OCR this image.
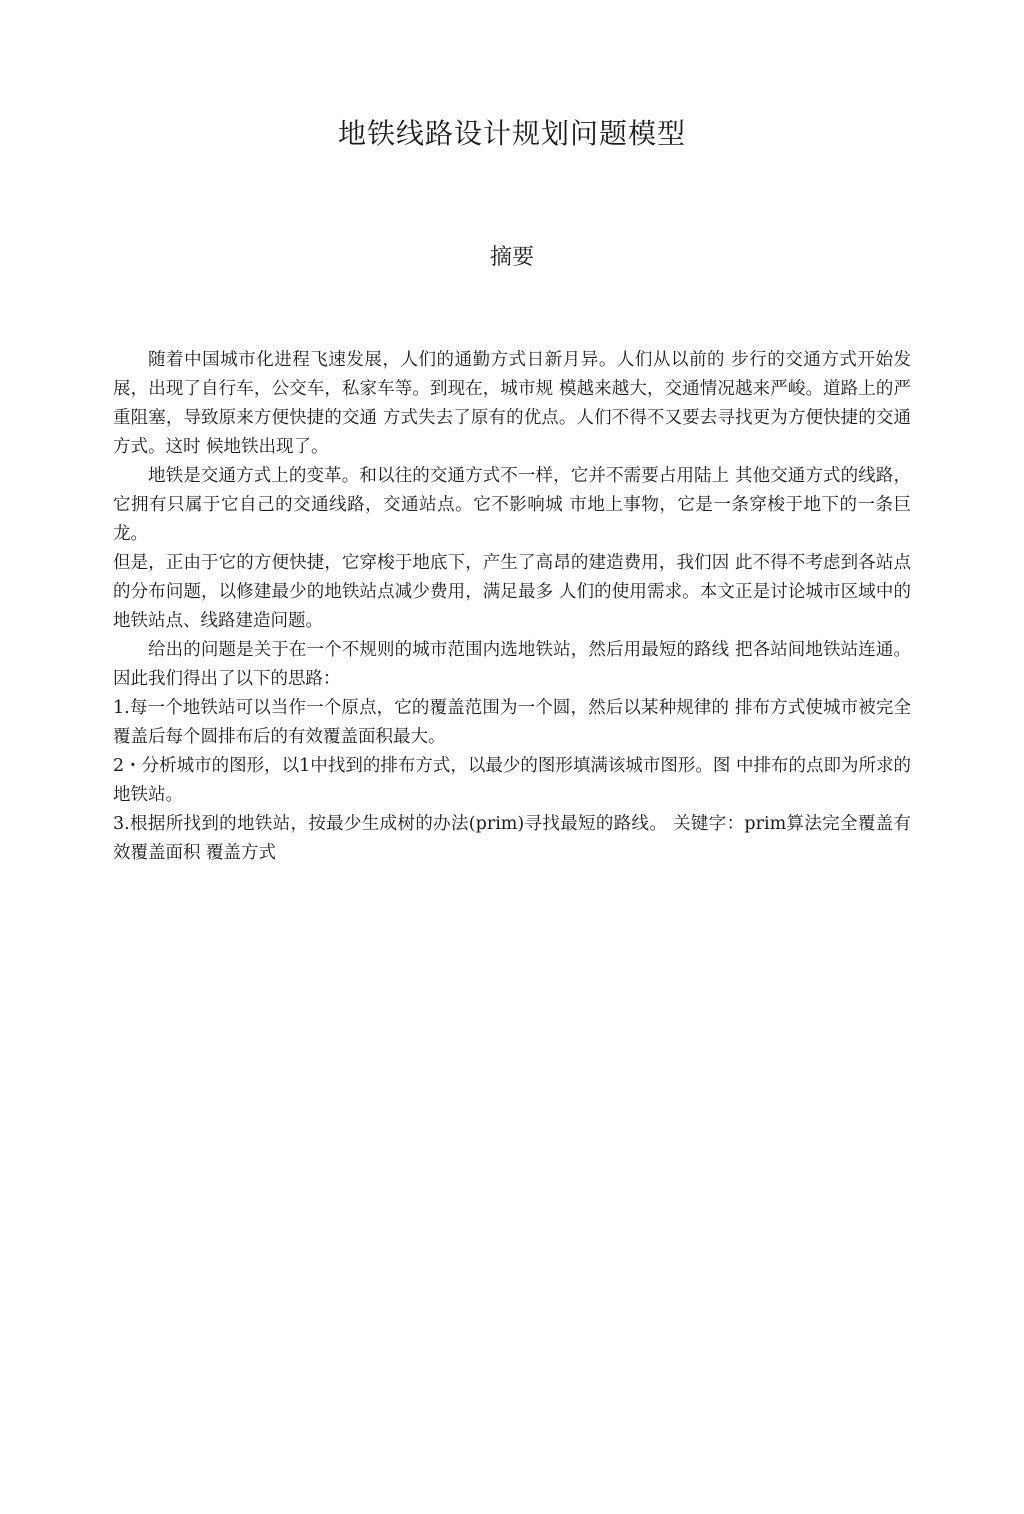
地铁线路设计规划问题模型
摘要

随着中国城市化进程飞速发展，人们的通勤方式日新月异。人们从以前的 步行的交通方式开始发展，出现了自行车，公交车，私家车等。到现在，城市规 模越来越大，交通情况越来严峻。道路上的严重阻塞，导致原来方便快捷的交通 方式失去了原有的优点。人们不得不又要去寻找更为方便快捷的交通方式。这时 候地铁出现了。

地铁是交通方式上的变革。和以往的交通方式不一样，它并不需要占用陆上 其他交通方式的线路，它拥有只属于它自己的交通线路，交通站点。它不影响城 市地上事物，它是一条穿梭于地下的一条巨龙。

但是，正由于它的方便快捷，它穿梭于地底下，产生了高昂的建造费用，我们因 此不得不考虑到各站点的分布问题，以修建最少的地铁站点减少费用，满足最多 人们的使用需求。本文正是讨论城市区域中的地铁站点、线路建造问题。

给出的问题是关于在一个不规则的城市范围内选地铁站，然后用最短的路线 把各站间地铁站连通。因此我们得出了以下的思路：

1.每一个地铁站可以当作一个原点，它的覆盖范围为一个圆，然后以某种规律的 排布方式使城市被完全覆盖后每个圆排布后的有效覆盖面积最大。

2・分析城市的图形，以1中找到的排布方式，以最少的图形填满该城市图形。图 中排布的点即为所求的地铁站。

3.根据所找到的地铁站，按最少生成树的办法(prim)寻找最短的路线。 关键字：prim算法完全覆盖有效覆盖面积 覆盖方式
